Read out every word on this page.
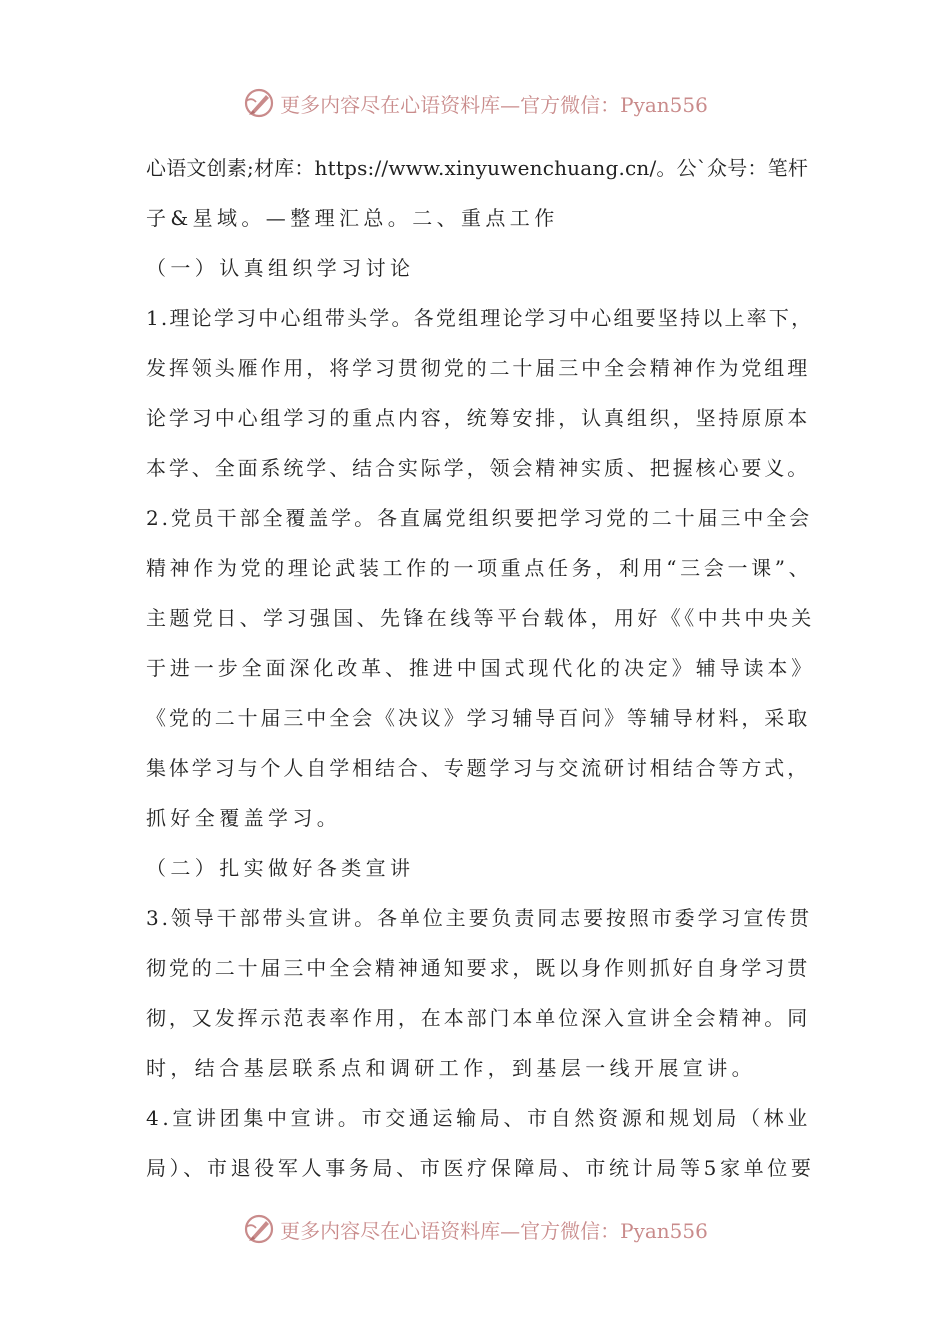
更多内容尽在心语资料库—官方微信：Pyan556
心语文创素;材库：https://www.xinyuwenchuang.cn/。公`众号：笔杆
子&星域。—整理汇总。二、重点工作
（一）认真组织学习讨论
1.理论学习中心组带头学。各党组理论学习中心组要坚持以上率下，
发挥领头雁作用，将学习贯彻党的二十届三中全会精神作为党组理
论学习中心组学习的重点内容，统筹安排，认真组织，坚持原原本
本学、全面系统学、结合实际学，领会精神实质、把握核心要义。
2.党员干部全覆盖学。各直属党组织要把学习党的二十届三中全会
精神作为党的理论武装工作的一项重点任务，利用“三会一课”、
主题党日、学习强国、先锋在线等平台载体，用好《《中共中央关
于进一步全面深化改革、推进中国式现代化的决定》辅导读本》
《党的二十届三中全会《决议》学习辅导百问》等辅导材料，采取
集体学习与个人自学相结合、专题学习与交流研讨相结合等方式，
抓好全覆盖学习。
（二）扎实做好各类宣讲
3.领导干部带头宣讲。各单位主要负责同志要按照市委学习宣传贯
彻党的二十届三中全会精神通知要求，既以身作则抓好自身学习贯
彻，又发挥示范表率作用，在本部门本单位深入宣讲全会精神。同
时，结合基层联系点和调研工作，到基层一线开展宣讲。
4.宣讲团集中宣讲。市交通运输局、市自然资源和规划局（林业
局）、市退役军人事务局、市医疗保障局、市统计局等5家单位要
更多内容尽在心语资料库—官方微信：Pyan556
